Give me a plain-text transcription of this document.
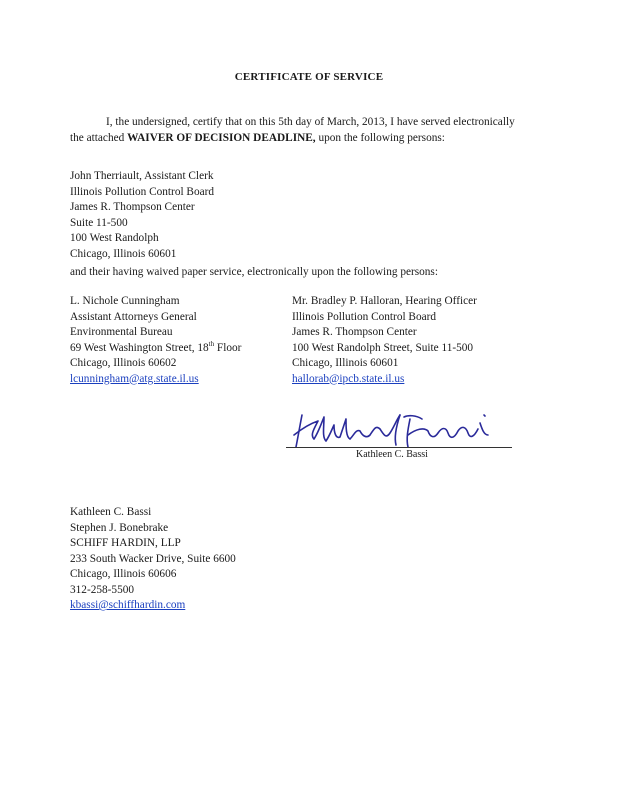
CERTIFICATE OF SERVICE
I, the undersigned, certify that on this 5th day of March, 2013, I have served electronically the attached WAIVER OF DECISION DEADLINE, upon the following persons:
John Therriault, Assistant Clerk
Illinois Pollution Control Board
James R. Thompson Center
Suite 11-500
100 West Randolph
Chicago, Illinois 60601
and their having waived paper service, electronically upon the following persons:
L. Nichole Cunningham
Assistant Attorneys General
Environmental Bureau
69 West Washington Street, 18th Floor
Chicago, Illinois 60602
lcunningham@atg.state.il.us
Mr. Bradley P. Halloran, Hearing Officer
Illinois Pollution Control Board
James R. Thompson Center
100 West Randolph Street, Suite 11-500
Chicago, Illinois 60601
hallorab@ipcb.state.il.us
Kathleen C. Bassi
Kathleen C. Bassi
Stephen J. Bonebrake
SCHIFF HARDIN, LLP
233 South Wacker Drive, Suite 6600
Chicago, Illinois 60606
312-258-5500
kbassi@schiffhardin.com
